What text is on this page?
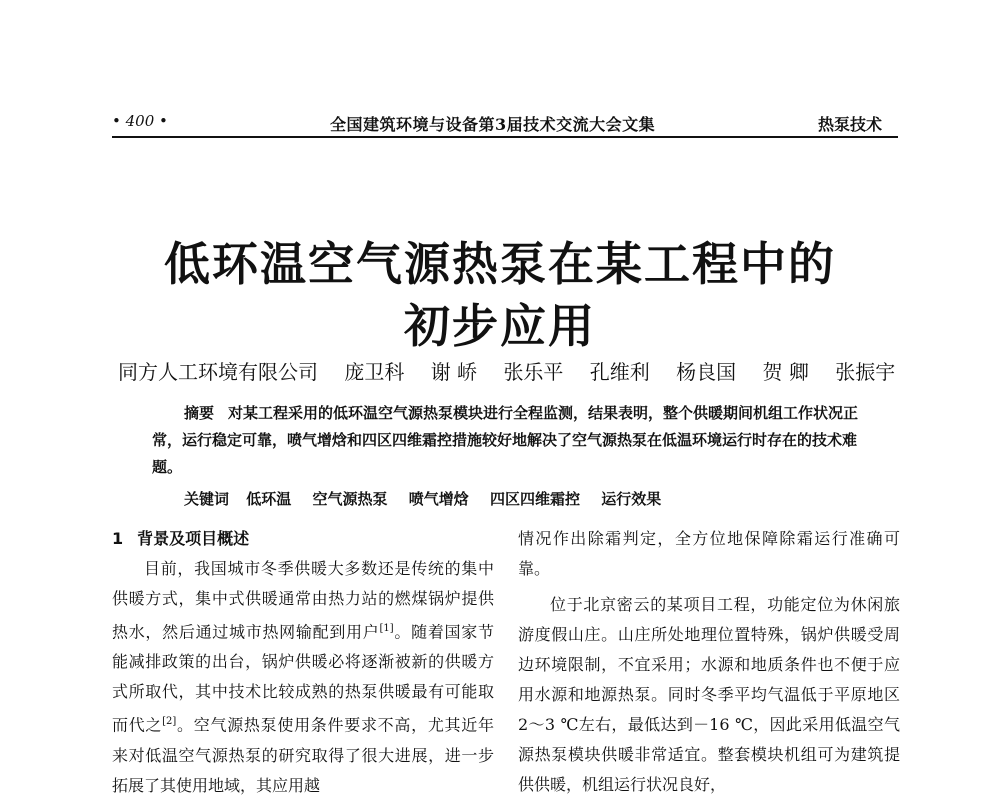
• 400 •	全国建筑环境与设备第3届技术交流大会文集	热泵技术
低环温空气源热泵在某工程中的
初步应用
同方人工环境有限公司 庞卫科 谢 峤 张乐平 孔维利 杨良国 贺 卿 张振宇

摘要 对某工程采用的低环温空气源热泵模块进行全程监测，结果表明，整个供暖期间机组工作状况正常，运行稳定可靠，喷气增焓和四区四维霜控措施较好地解决了空气源热泵在低温环境运行时存在的技术难题。

关键词 低环温 空气源热泵 喷气增焓 四区四维霜控 运行效果
1 背景及项目概述

目前，我国城市冬季供暖大多数还是传统的集中供暖方式，集中式供暖通常由热力站的燃煤锅炉提供热水，然后通过城市热网输配到用户[1]。随着国家节能减排政策的出台，锅炉供暖必将逐渐被新的供暖方式所取代，其中技术比较成熟的热泵供暖最有可能取而代之[2]。空气源热泵使用条件要求不高，尤其近年来对低温空气源热泵的研究取得了很大进展，进一步拓展了其使用地域，其应用越

情况作出除霜判定，全方位地保障除霜运行准确可靠。

位于北京密云的某项目工程，功能定位为休闲旅游度假山庄。山庄所处地理位置特殊，锅炉供暖受周边环境限制，不宜采用；水源和地质条件也不便于应用水源和地源热泵。同时冬季平均气温低于平原地区 2～3 ℃左右，最低达到－16 ℃，因此采用低温空气源热泵模块供暖非常适宜。整套模块机组可为建筑提供供暖，机组运行状况良好，
